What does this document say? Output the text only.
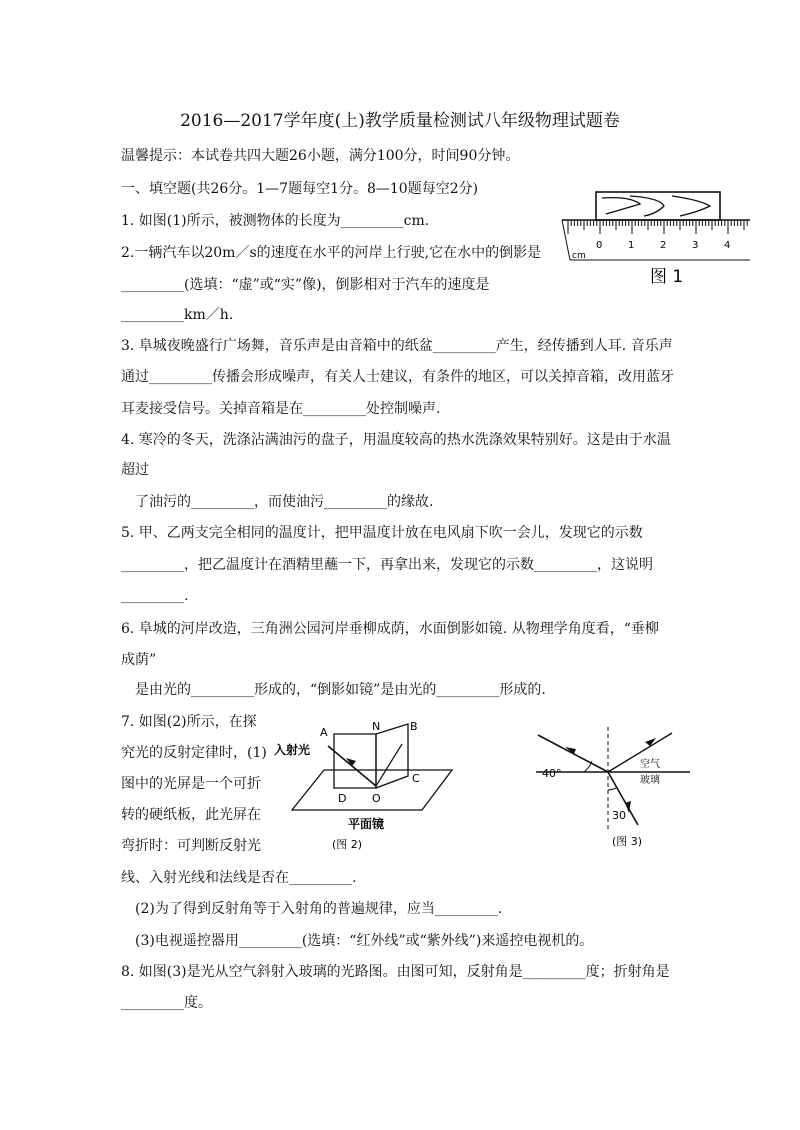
2016—2017学年度(上)教学质量检测试八年级物理试题卷
温馨提示：本试卷共四大题26小题，满分100分，时间90分钟。
一、填空题(共26分。1—7题每空1分。8—10题每空2分)
1. 如图(1)所示，被测物体的长度为_________cm.
2.一辆汽车以20m／s的速度在水平的河岸上行驶,它在水中的倒影是
_________(选填：“虚”或“实”像)，倒影相对于汽车的速度是
_________km／h.
3. 阜城夜晚盛行广场舞，音乐声是由音箱中的纸盆_________产生，经传播到人耳. 音乐声
通过_________传播会形成噪声，有关人士建议，有条件的地区，可以关掉音箱，改用蓝牙
耳麦接受信号。关掉音箱是在_________处控制噪声.
4. 寒冷的冬天，洗涤沾满油污的盘子，用温度较高的热水洗涤效果特别好。这是由于水温
超过
了油污的_________，而使油污_________的缘故.
5. 甲、乙两支完全相同的温度计，把甲温度计放在电风扇下吹一会儿，发现它的示数
_________，把乙温度计在酒精里蘸一下，再拿出来，发现它的示数_________，这说明
_________.
6. 阜城的河岸改造，三角洲公园河岸垂柳成荫，水面倒影如镜. 从物理学角度看，“垂柳
成荫”
是由光的_________形成的，“倒影如镜”是由光的_________形成的.
7. 如图(2)所示，在探
究光的反射定律时，(1)
图中的光屏是一个可折
转的硬纸板，此光屏在
弯折时：可判断反射光
线、入射光线和法线是否在_________.
(2)为了得到反射角等于入射角的普遍规律，应当_________.
(3)电视遥控器用_________(选填：“红外线”或“紫外线”)来遥控电视机的。
8. 如图(3)是光从空气斜射入玻璃的光路图。由图可知，反射角是_________度；折射角是
_________度。
0	1	2	3	4
cm
图 1
入射光
A	N	B
C
D O
平面镜
(图 2)
40°
30
空气
玻璃
(图 3)
